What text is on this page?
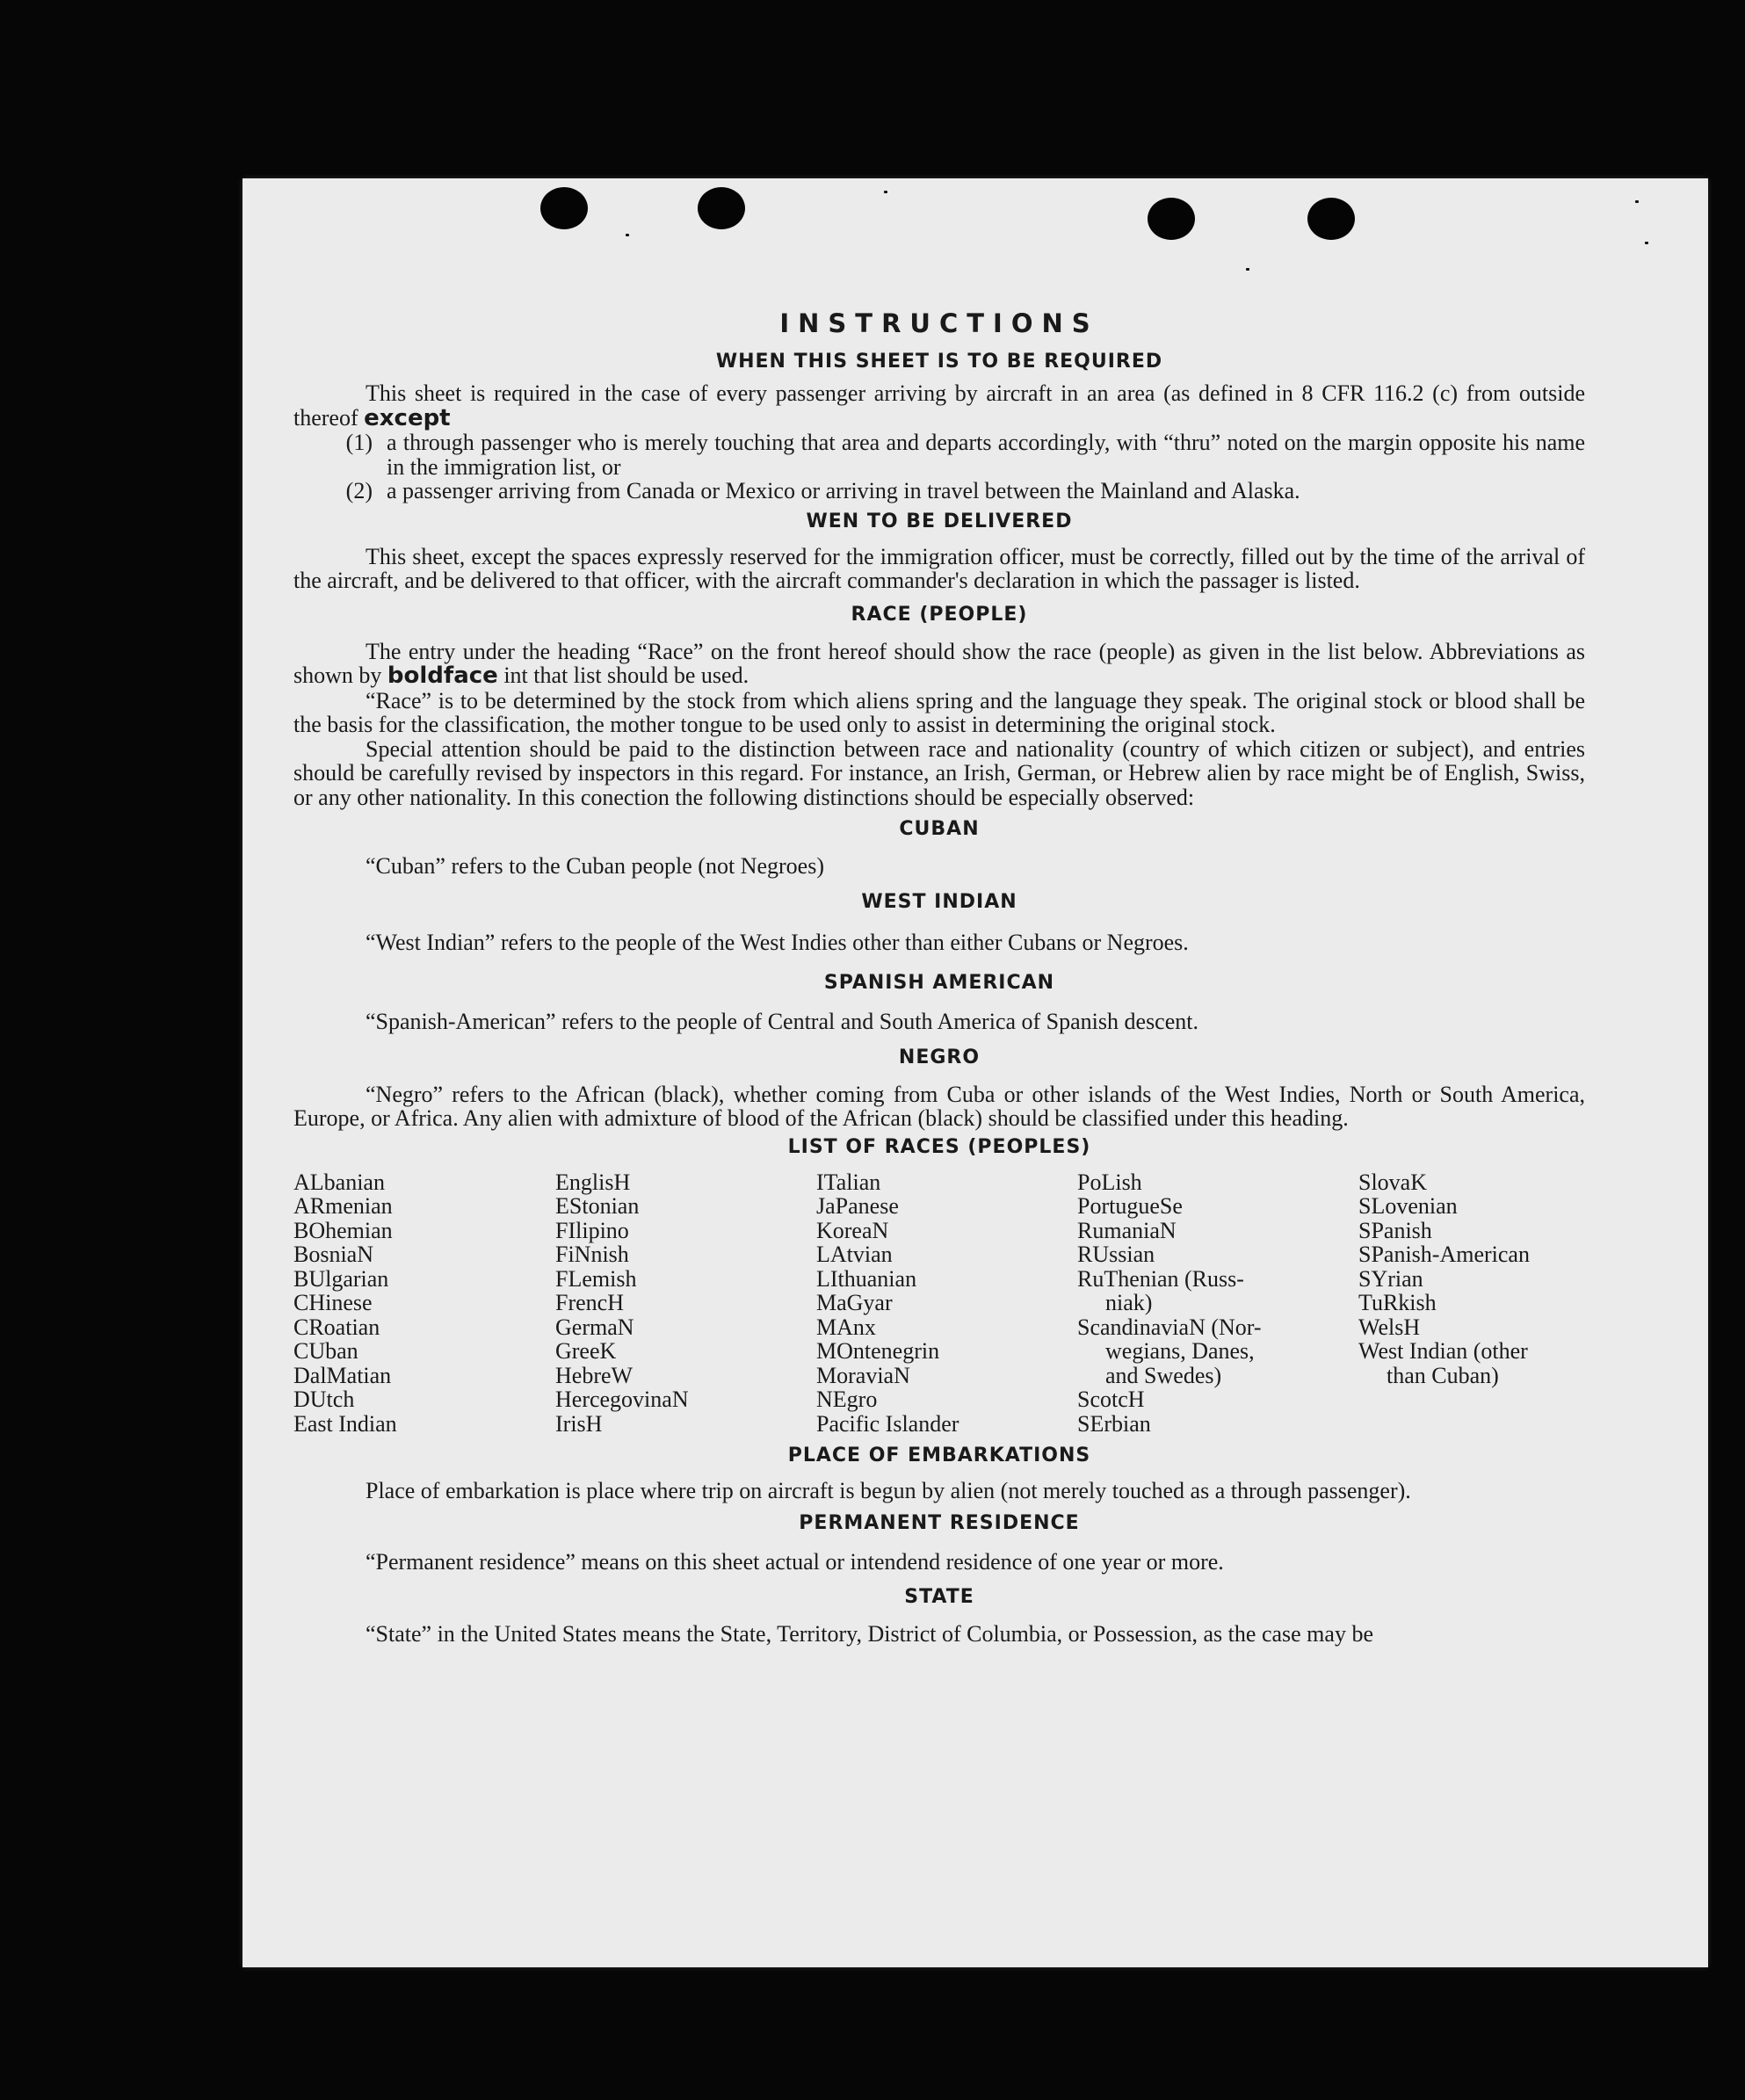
INSTRUCTIONS
WHEN THIS SHEET IS TO BE REQUIRED

This sheet is required in the case of every passenger arriving by aircraft in an area (as defined in 8 CFR 116.2 (c) from outside thereof except

(1) a through passenger who is merely touching that area and departs accordingly, with “thru” noted on the margin opposite his name in the immigration list, or
(2) a passenger arriving from Canada or Mexico or arriving in travel between the Mainland and Alaska.
WEN TO BE DELIVERED

This sheet, except the spaces expressly reserved for the immigration officer, must be correctly, filled out by the time of the arrival of the aircraft, and be delivered to that officer, with the aircraft commander's declaration in which the passager is listed.

RACE (PEOPLE)

The entry under the heading “Race” on the front hereof should show the race (people) as given in the list below. Abbreviations as shown by boldface int that list should be used.

“Race” is to be determined by the stock from which aliens spring and the language they speak. The original stock or blood shall be the basis for the classification, the mother tongue to be used only to assist in determining the original stock.

Special attention should be paid to the distinction between race and nationality (country of which citizen or subject), and entries should be carefully revised by inspectors in this regard. For instance, an Irish, German, or Hebrew alien by race might be of English, Swiss, or any other nationality. In this conection the following distinctions should be especially observed:

CUBAN

“Cuban” refers to the Cuban people (not Negroes)

WEST INDIAN

“West Indian” refers to the people of the West Indies other than either Cubans or Negroes.

SPANISH AMERICAN

“Spanish-American” refers to the people of Central and South America of Spanish descent.

NEGRO

“Negro” refers to the African (black), whether coming from Cuba or other islands of the West Indies, North or South America, Europe, or Africa. Any alien with admixture of blood of the African (black) should be classified under this heading.

LIST OF RACES (PEOPLES)
ALbanian
ARmenian
BOhemian
BosniaN
BUlgarian
CHinese
CRoatian
CUban
DalMatian
DUtch
East Indian
EnglisH
EStonian
FIlipino
FiNnish
FLemish
FrencH
GermaN
GreeK
HebreW
HercegovinaN
IrisH
ITalian
JaPanese
KoreaN
LAtvian
LIthuanian
MaGyar
MAnx
MOntenegrin
MoraviaN
NEgro
Pacific Islander
PoLish
PortugueSe
RumaniaN
RUssian
RuThenian (Russ-
niak)
ScandinaviaN (Nor-
wegians, Danes,
and Swedes)
ScotcH
SErbian
SlovaK
SLovenian
SPanish
SPanish-American
SYrian
TuRkish
WelsH
West Indian (other
than Cuban)
PLACE OF EMBARKATIONS

Place of embarkation is place where trip on aircraft is begun by alien (not merely touched as a through passenger).

PERMANENT RESIDENCE

“Permanent residence” means on this sheet actual or intendend residence of one year or more.

STATE

“State” in the United States means the State, Territory, District of Columbia, or Possession, as the case may be
